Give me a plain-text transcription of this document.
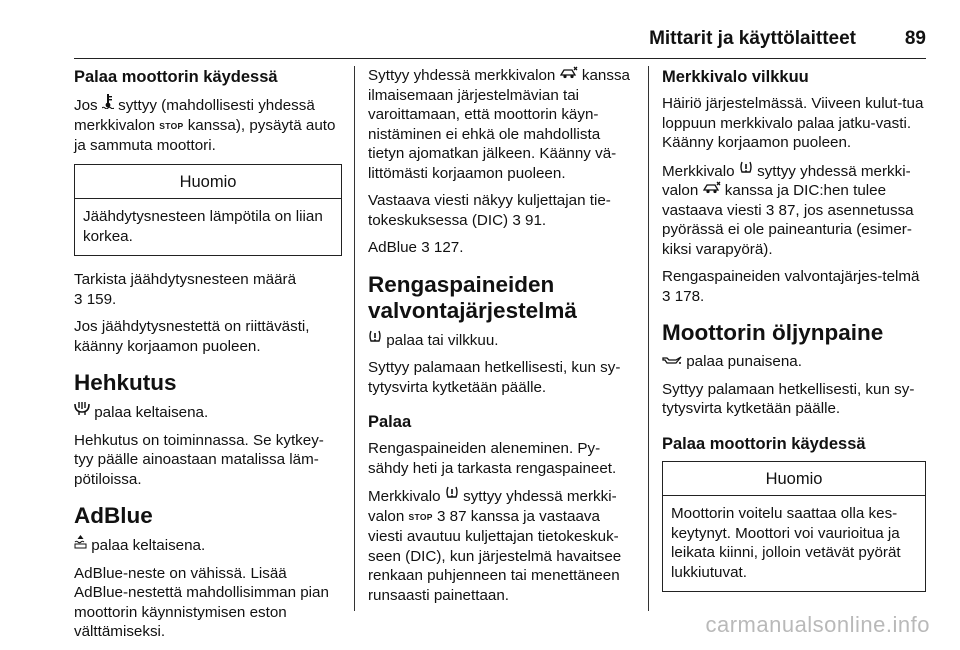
Mittarit ja käyttölaitteet	89
Palaa moottorin käydessä

Jos syttyy (mahdollisesti yhdessä merkkivalon STOP kanssa), pysäytä auto ja sammuta moottori.

Huomio
Jäähdytysnesteen lämpötila on liian korkea.

Tarkista jäähdytysnesteen määrä
3 159.

Jos jäähdytysnestettä on riittävästi, käänny korjaamon puoleen.

Hehkutus

palaa keltaisena.

Hehkutus on toiminnassa. Se kytkey-tyy päälle ainoastaan matalissa läm-pötiloissa.

AdBlue

palaa keltaisena.

AdBlue-neste on vähissä. Lisää AdBlue-nestettä mahdollisimman pian moottorin käynnistymisen eston välttämiseksi.

Syttyy yhdessä merkkivalon kanssa ilmaisemaan järjestelmävian tai varoittamaan, että moottorin käyn-nistäminen ei ehkä ole mahdollista tietyn ajomatkan jälkeen. Käänny vä-littömästi korjaamon puoleen.

Vastaava viesti näkyy kuljettajan tie-tokeskuksessa (DIC) 3 91.

AdBlue 3 127.

Rengaspaineiden valvontajärjestelmä

palaa tai vilkkuu.

Syttyy palamaan hetkellisesti, kun sy-tytysvirta kytketään päälle.

Palaa

Rengaspaineiden aleneminen. Py-sähdy heti ja tarkasta rengaspaineet.

Merkkivalo syttyy yhdessä merkki-valon STOP 3 87 kanssa ja vastaava viesti avautuu kuljettajan tietokeskuk-seen (DIC), kun järjestelmä havaitsee renkaan puhjenneen tai menettäneen runsaasti painettaan.

Merkkivalo vilkkuu

Häiriö järjestelmässä. Viiveen kulut-tua loppuun merkkivalo palaa jatku-vasti. Käänny korjaamon puoleen.

Merkkivalo syttyy yhdessä merkki-valon kanssa ja DIC:hen tulee vastaava viesti 3 87, jos asennetussa pyörässä ei ole paineanturia (esimer-kiksi varapyörä).

Rengaspaineiden valvontajärjes-telmä 3 178.

Moottorin öljynpaine

palaa punaisena.

Syttyy palamaan hetkellisesti, kun sy-tytysvirta kytketään päälle.

Palaa moottorin käydessä
Huomio
Moottorin voitelu saattaa olla kes-keytynyt. Moottori voi vaurioitua ja leikata kiinni, jolloin vetävät pyörät lukkiutuvat.
carmanualsonline.info
